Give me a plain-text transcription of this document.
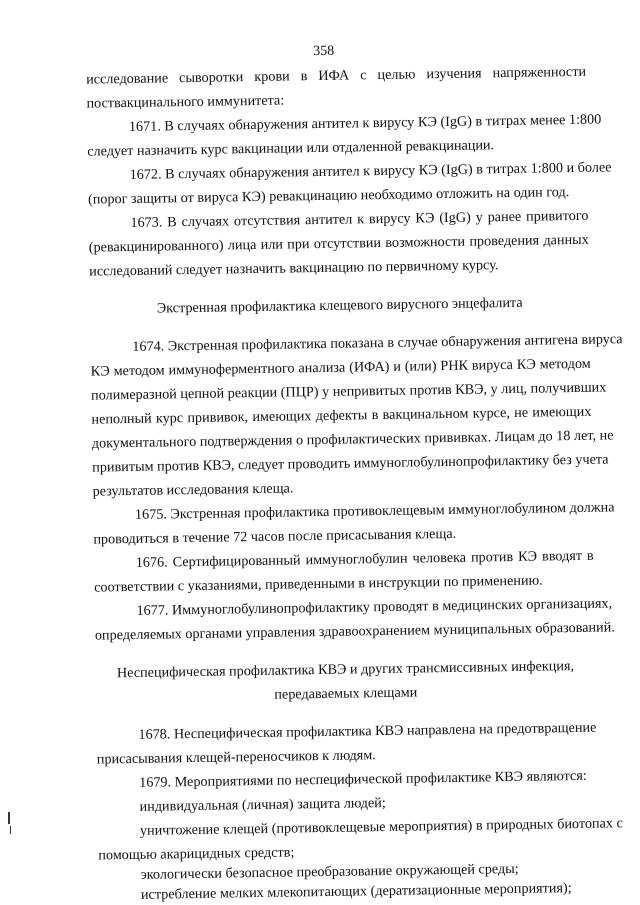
358

исследование сыворотки крови в ИФА с целью изучения напряженности

поствакцинального иммунитета:

1671. В случаях обнаружения антител к вирусу КЭ (IgG) в титрах менее 1:800

следует назначить курс вакцинации или отдаленной ревакцинации.

1672. В случаях обнаружения антител к вирусу КЭ (IgG) в титрах 1:800 и более

(порог защиты от вируса КЭ) ревакцинацию необходимо отложить на один год.

1673. В случаях отсутствия антител к вирусу КЭ (IgG) у ранее привитого

(ревакцинированного) лица или при отсутствии возможности проведения данных

исследований следует назначить вакцинацию по первичному курсу.

Экстренная профилактика клещевого вирусного энцефалита

1674. Экстренная профилактика показана в случае обнаружения антигена вируса

КЭ методом иммуноферментного анализа (ИФА) и (или) РНК вируса КЭ методом

полимеразной цепной реакции (ПЦР) у непривитых против КВЭ, у лиц, получивших

неполный курс прививок, имеющих дефекты в вакцинальном курсе, не имеющих

документального подтверждения о профилактических прививках. Лицам до 18 лет, не

привитым против КВЭ, следует проводить иммуноглобулинопрофилактику без учета

результатов исследования клеща.

1675. Экстренная профилактика противоклещевым иммуноглобулином должна

проводиться в течение 72 часов после присасывания клеща.

1676. Сертифицированный иммуноглобулин человека против КЭ вводят в

соответствии с указаниями, приведенными в инструкции по применению.

1677. Иммуноглобулинопрофилактику проводят в медицинских организациях,

определяемых органами управления здравоохранением муниципальных образований.

Неспецифическая профилактика КВЭ и других трансмиссивных инфекция,

передаваемых клещами

1678. Неспецифическая профилактика КВЭ направлена на предотвращение

присасывания клещей-переносчиков к людям.

1679. Мероприятиями по неспецифической профилактике КВЭ являются:

индивидуальная (личная) защита людей;

уничтожение клещей (противоклещевые мероприятия) в природных биотопах с

помощью акарицидных средств;

экологически безопасное преобразование окружающей среды;

истребление мелких млекопитающих (дератизационные мероприятия);
